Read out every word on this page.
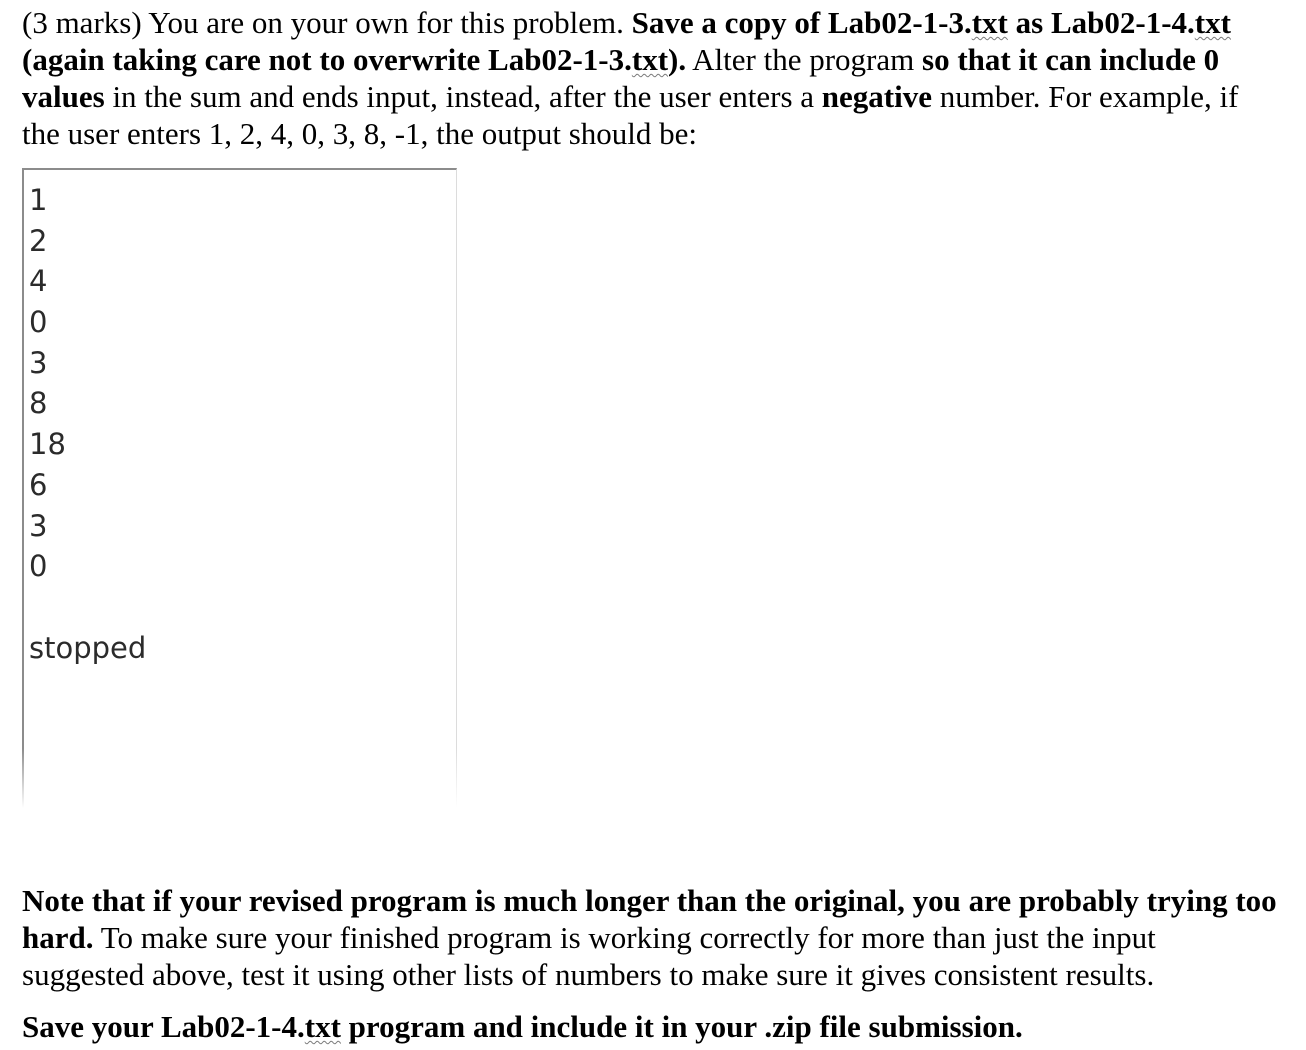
(3 marks) You are on your own for this problem. Save a copy of Lab02-1-3.txt as Lab02-1-4.txt (again taking care not to overwrite Lab02-1-3.txt). Alter the program so that it can include 0 values in the sum and ends input, instead, after the user enters a negative number. For example, if the user enters 1, 2, 4, 0, 3, 8, -1, the output should be:

1
2
4
0
3
8
18
6
3
0
stopped

Note that if your revised program is much longer than the original, you are probably trying too hard. To make sure your finished program is working correctly for more than just the input suggested above, test it using other lists of numbers to make sure it gives consistent results.

Save your Lab02-1-4.txt program and include it in your .zip file submission.
